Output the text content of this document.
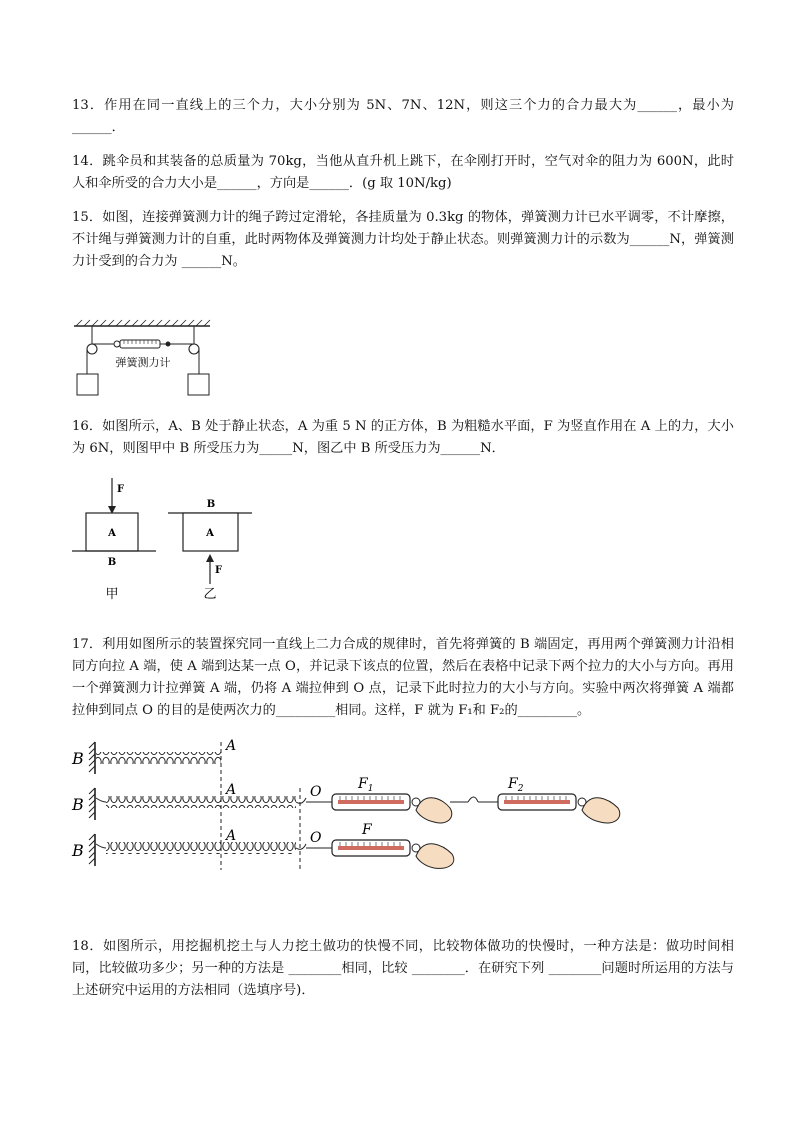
13．作用在同一直线上的三个力，大小分别为 5N、7N、12N，则这三个力的合力最大为______，最小为______．
14．跳伞员和其装备的总质量为 70kg，当他从直升机上跳下，在伞刚打开时，空气对伞的阻力为 600N，此时人和伞所受的合力大小是______，方向是______．(g 取 10N/kg)
15．如图，连接弹簧测力计的绳子跨过定滑轮，各挂质量为 0.3kg 的物体，弹簧测力计已水平调零，不计摩擦，不计绳与弹簧测力计的自重，此时两物体及弹簧测力计均处于静止状态。则弹簧测力计的示数为______N，弹簧测力计受到的合力为 ______N。
弹簧测力计
16．如图所示，A、B 处于静止状态，A 为重 5 N 的正方体，B 为粗糙水平面，F 为竖直作用在 A 上的力，大小为 6N，则图甲中 B 所受压力为_____N，图乙中 B 所受压力为______N．
F
A
B
甲
B
A
F
乙
17．利用如图所示的装置探究同一直线上二力合成的规律时，首先将弹簧的 B 端固定，再用两个弹簧测力计沿相同方向拉 A 端，使 A 端到达某一点 O，并记录下该点的位置，然后在表格中记录下两个拉力的大小与方向。再用一个弹簧测力计拉弹簧 A 端，仍将 A 端拉伸到 O 点，记录下此时拉力的大小与方向。实验中两次将弹簧 A 端都拉伸到同点 O 的目的是使两次力的_________相同。这样，F 就为 F₁和 F₂的_________。
B
B
B
A
A	O
A	O
$F_1$	$F_2$
F
18．如图所示，用挖掘机挖土与人力挖土做功的快慢不同，比较物体做功的快慢时，一种方法是：做功时间相同，比较做功多少；另一种的方法是 ________相同，比较 ________．在研究下列 ________问题时所运用的方法与上述研究中运用的方法相同（选填序号)．
